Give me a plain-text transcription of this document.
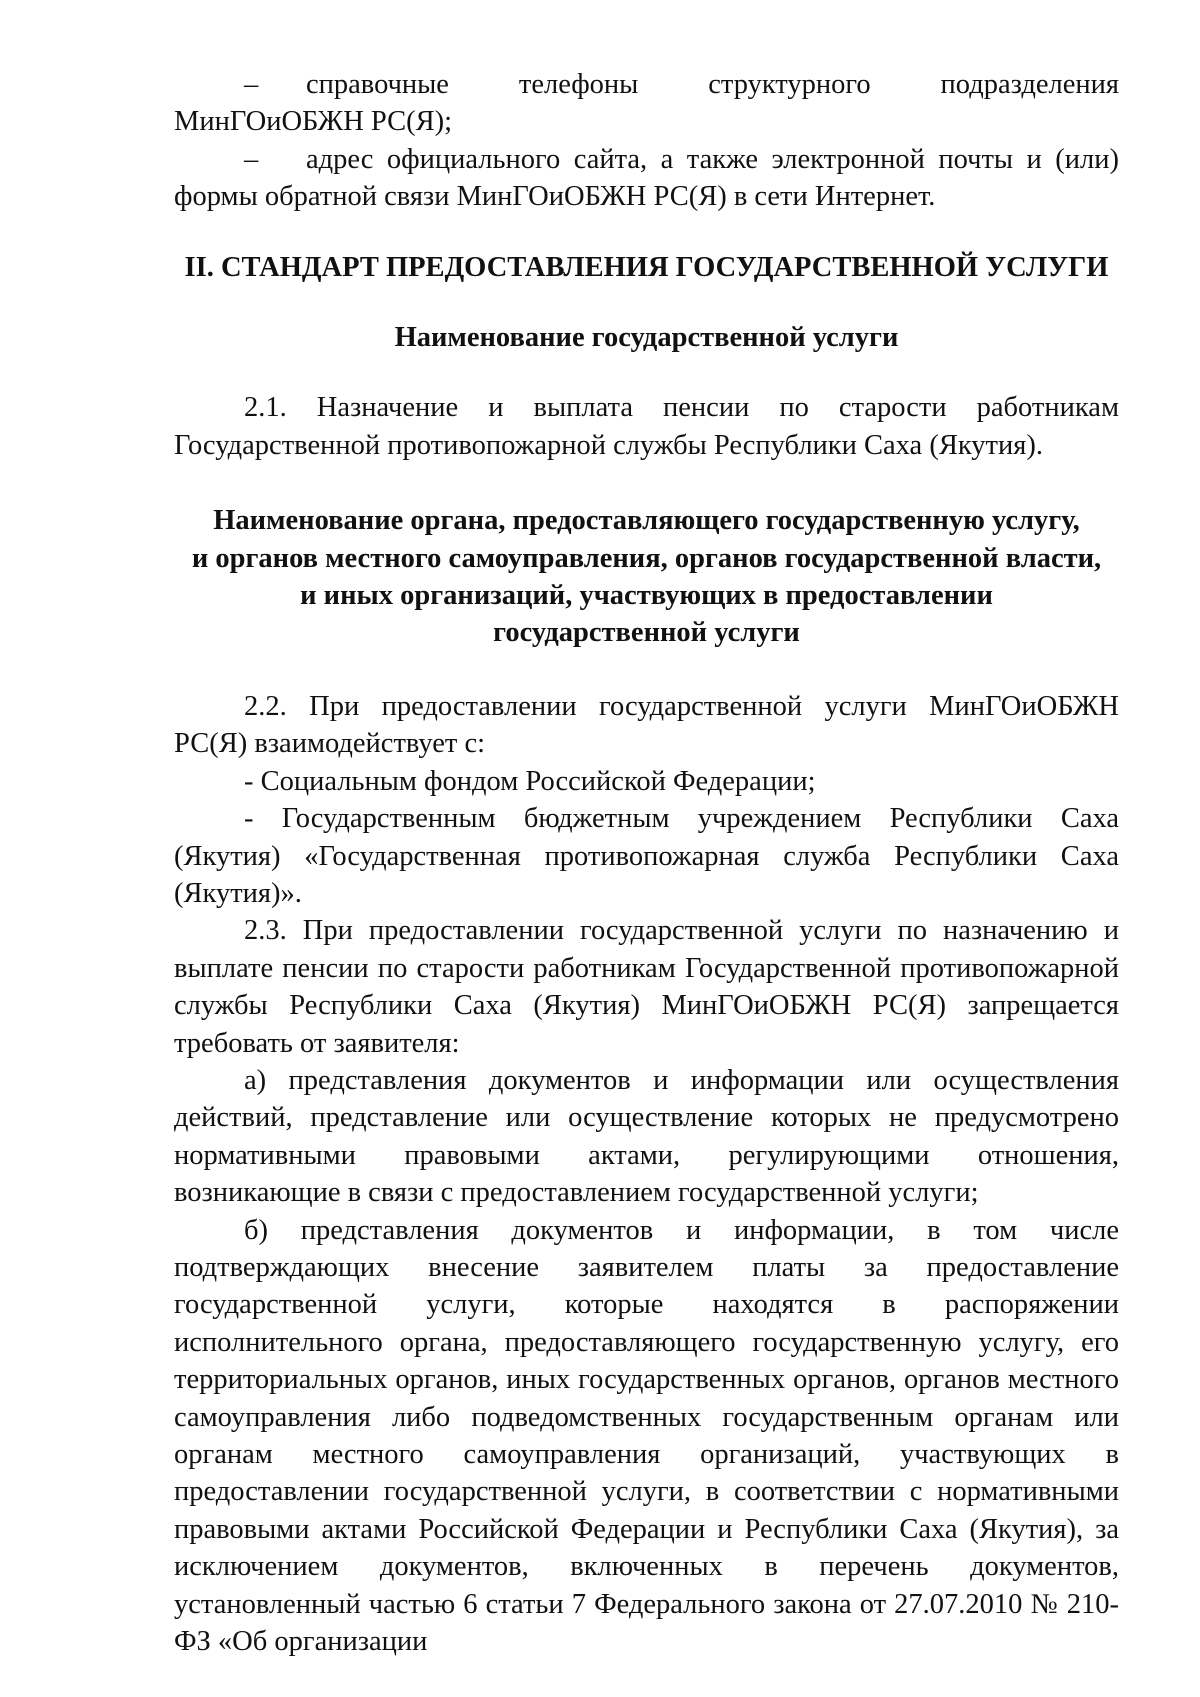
– справочные телефоны структурного подразделения МинГОиОБЖН РС(Я);

– адрес официального сайта, а также электронной почты и (или) формы обратной связи МинГОиОБЖН РС(Я) в сети Интернет.

II. СТАНДАРТ ПРЕДОСТАВЛЕНИЯ ГОСУДАРСТВЕННОЙ УСЛУГИ

Наименование государственной услуги

2.1. Назначение и выплата пенсии по старости работникам Государственной противопожарной службы Республики Саха (Якутия).

Наименование органа, предоставляющего государственную услугу,
и органов местного самоуправления, органов государственной власти,
и иных организаций, участвующих в предоставлении
государственной услуги

2.2. При предоставлении государственной услуги МинГОиОБЖН РС(Я) взаимодействует с:

- Социальным фондом Российской Федерации;

- Государственным бюджетным учреждением Республики Саха (Якутия) «Государственная противопожарная служба Республики Саха (Якутия)».

2.3. При предоставлении государственной услуги по назначению и выплате пенсии по старости работникам Государственной противопожарной службы Республики Саха (Якутия) МинГОиОБЖН РС(Я) запрещается требовать от заявителя:

а) представления документов и информации или осуществления действий, представление или осуществление которых не предусмотрено нормативными правовыми актами, регулирующими отношения, возникающие в связи с предоставлением государственной услуги;

б) представления документов и информации, в том числе подтверждающих внесение заявителем платы за предоставление государственной услуги, которые находятся в распоряжении исполнительного органа, предоставляющего государственную услугу, его территориальных органов, иных государственных органов, органов местного самоуправления либо подведомственных государственным органам или органам местного самоуправления организаций, участвующих в предоставлении государственной услуги, в соответствии с нормативными правовыми актами Российской Федерации и Республики Саха (Якутия), за исключением документов, включенных в перечень документов, установленный частью 6 статьи 7 Федерального закона от 27.07.2010 № 210-ФЗ «Об организации
